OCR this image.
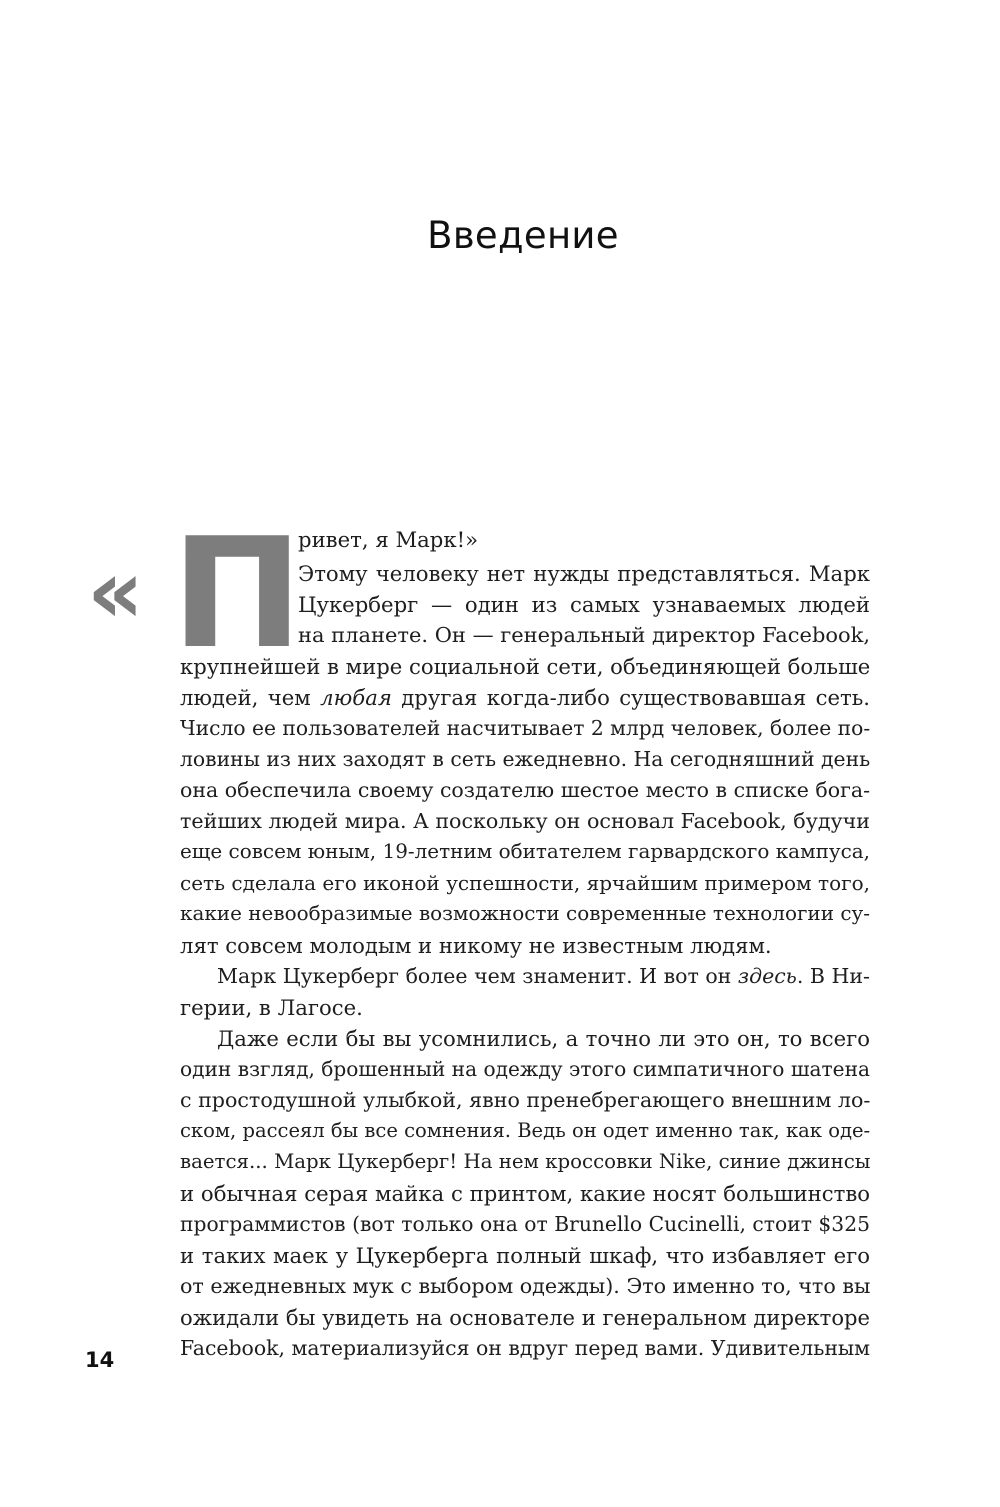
Введение
« П
ривет, я Марк!»
Этому человеку нет нужды представляться. Марк
Цукерберг — один из самых узнаваемых людей
на планете. Он — генеральный директор Facebook,
крупнейшей в мире социальной сети, объединяющей больше
людей, чем любая другая когда-либо существовавшая сеть.
Число ее пользователей насчитывает 2 млрд человек, более по-
ловины из них заходят в сеть ежедневно. На сегодняшний день
она обеспечила своему создателю шестое место в списке бога-
тейших людей мира. А поскольку он основал Facebook, будучи
еще совсем юным, 19-летним обитателем гарвардского кампуса,
сеть сделала его иконой успешности, ярчайшим примером того,
какие невообразимые возможности современные технологии су-
лят совсем молодым и никому не известным людям.
Марк Цукерберг более чем знаменит. И вот он здесь. В Ни-
герии, в Лагосе.
Даже если бы вы усомнились, а точно ли это он, то всего
один взгляд, брошенный на одежду этого симпатичного шатена
с простодушной улыбкой, явно пренебрегающего внешним ло-
ском, рассеял бы все сомнения. Ведь он одет именно так, как оде-
вается... Марк Цукерберг! На нем кроссовки Nike, синие джинсы
и обычная серая майка с принтом, какие носят большинство
программистов (вот только она от Brunello Cucinelli, стоит $325
и таких маек у Цукерберга полный шкаф, что избавляет его
от ежедневных мук с выбором одежды). Это именно то, что вы
ожидали бы увидеть на основателе и генеральном директоре
Facebook, материализуйся он вдруг перед вами. Удивительным
14
